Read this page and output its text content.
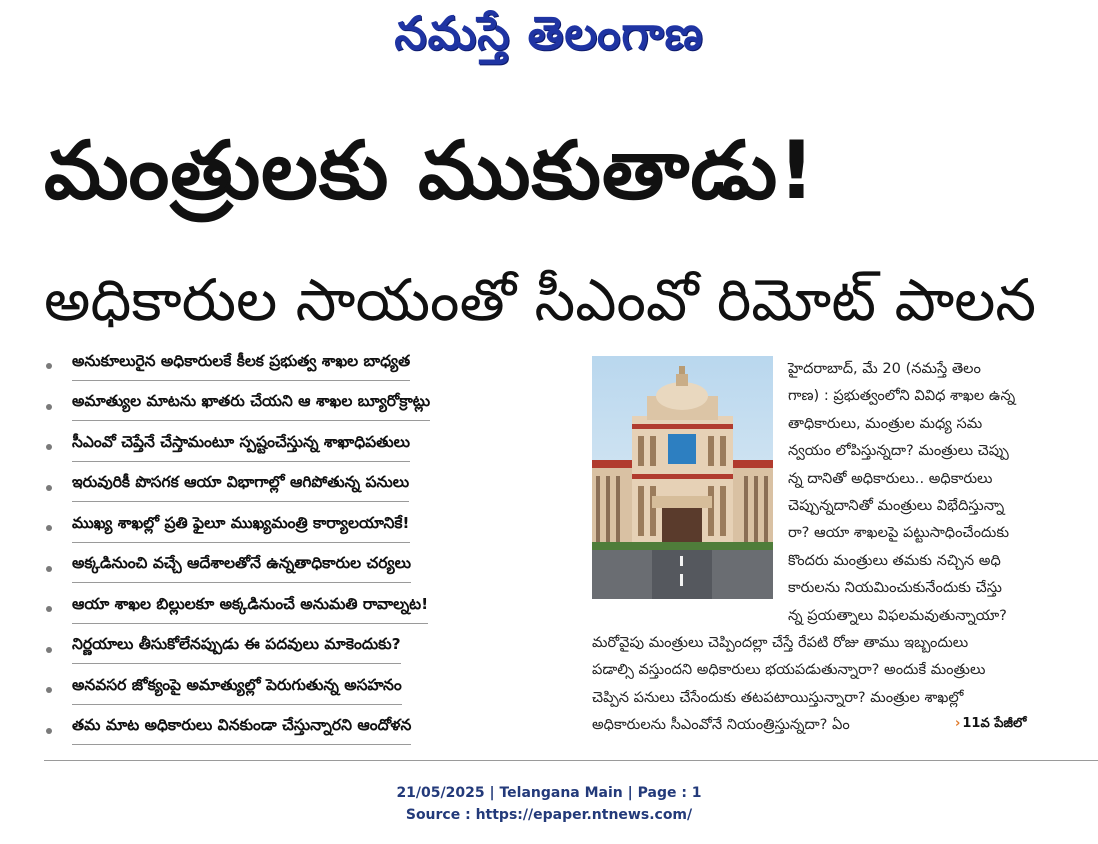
నమస్తే తెలంగాణ
మంత్రులకు ముకుతాడు!
అధికారుల సాయంతో సీఎంవో రిమోట్ పాలన
అనుకూలురైన అధికారులకే కీలక ప్రభుత్వ శాఖల బాధ్యత
అమాత్యుల మాటను ఖాతరు చేయని ఆ శాఖల బ్యూరోక్రాట్లు
సీఎంవో చెప్తేనే చేస్తామంటూ స్పష్టంచేస్తున్న శాఖాధిపతులు
ఇరువురికీ పొసగక ఆయా విభాగాల్లో ఆగిపోతున్న పనులు
ముఖ్య శాఖల్లో ప్రతి ఫైలూ ముఖ్యమంత్రి కార్యాలయానికే!
అక్కడినుంచి వచ్చే ఆదేశాలతోనే ఉన్నతాధికారుల చర్యలు
ఆయా శాఖల బిల్లులకూ అక్కడినుంచే అనుమతి రావాల్నట!
నిర్ణయాలు తీసుకోలేనప్పుడు ఈ పదవులు మాకెందుకు?
అనవసర జోక్యంపై అమాత్యుల్లో పెరుగుతున్న అసహనం
తమ మాట అధికారులు వినకుండా చేస్తున్నారని ఆందోళన
హైదరాబాద్, మే 20 (నమస్తే తెలం
గాణ) : ప్రభుత్వంలోని వివిధ శాఖల ఉన్న
తాధికారులు, మంత్రుల మధ్య సమ
న్వయం లోపిస్తున్నదా? మంత్రులు చెప్పు
న్న దానితో అధికారులు.. అధికారులు
చెప్పున్నదానితో మంత్రులు విభేదిస్తున్నా
రా? ఆయా శాఖలపై పట్టుసాధించేందుకు
కొందరు మంత్రులు తమకు నచ్చిన అధి
కారులను నియమించుకునేందుకు చేస్తు
న్న ప్రయత్నాలు విఫలమవుతున్నాయా?
మరోవైపు మంత్రులు చెప్పిందల్లా చేస్తే రేపటి రోజు తాము ఇబ్బందులు
పడాల్సి వస్తుందని అధికారులు భయపడుతున్నారా? అందుకే మంత్రులు
చెప్పిన పనులు చేసేందుకు తటపటాయిస్తున్నారా? మంత్రుల శాఖల్లో
అధికారులను సీఎంవోనే నియంత్రిస్తున్నదా? ఏం	› 11వ పేజీలో
21/05/2025 | Telangana Main | Page : 1
Source : https://epaper.ntnews.com/
